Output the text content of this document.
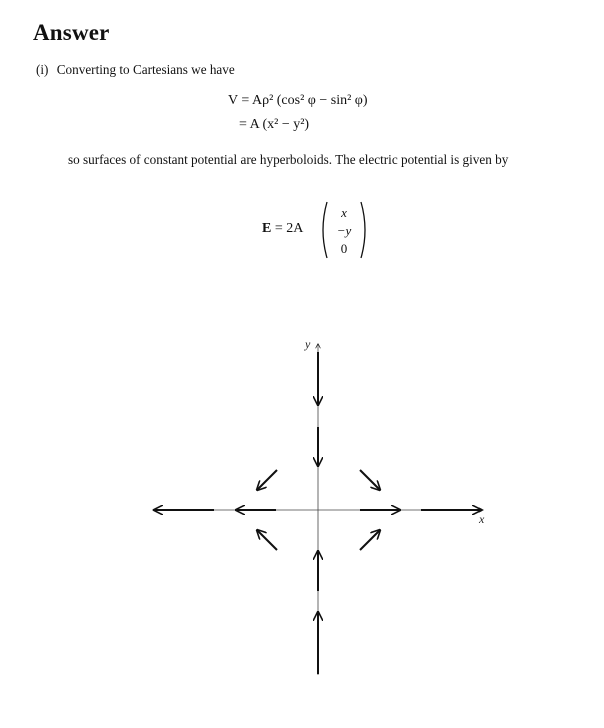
Answer
(i) Converting to Cartesians we have
V = Aρ² (cos² φ − sin² φ)
= A (x² − y²)
so surfaces of constant potential are hyperboloids. The electric potential is given by
E = 2A
x
−y
0
x
y
